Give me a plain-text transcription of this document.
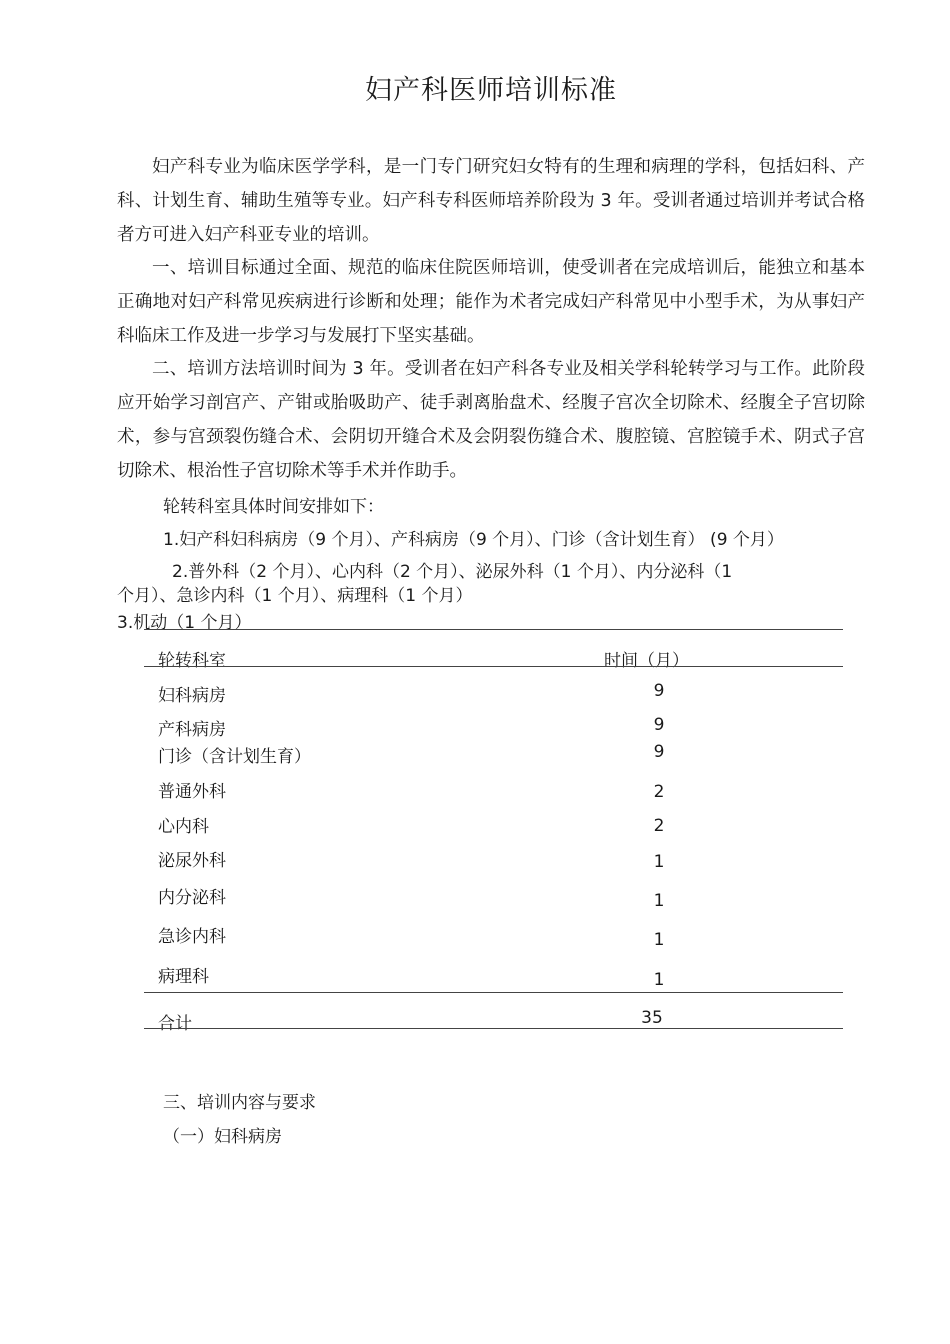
妇产科医师培训标准

妇产科专业为临床医学学科，是一门专门研究妇女特有的生理和病理的学科，包括妇科、产科、计划生育、辅助生殖等专业。妇产科专科医师培养阶段为 3 年。受训者通过培训并考试合格者方可进入妇产科亚专业的培训。

一、培训目标通过全面、规范的临床住院医师培训，使受训者在完成培训后，能独立和基本正确地对妇产科常见疾病进行诊断和处理；能作为术者完成妇产科常见中小型手术，为从事妇产科临床工作及进一步学习与发展打下坚实基础。

二、培训方法培训时间为 3 年。受训者在妇产科各专业及相关学科轮转学习与工作。此阶段应开始学习剖宫产、产钳或胎吸助产、徒手剥离胎盘术、经腹子宫次全切除术、经腹全子宫切除术，参与宫颈裂伤缝合术、会阴切开缝合术及会阴裂伤缝合术、腹腔镜、宫腔镜手术、阴式子宫切除术、根治性子宫切除术等手术并作助手。

轮转科室具体时间安排如下：
1.妇产科妇科病房（9 个月）、产科病房（9 个月）、门诊（含计划生育） (9 个月）
2.普外科（2 个月）、心内科（2 个月）、泌尿外科（1 个月）、内分泌科（1
个月）、急诊内科（1 个月）、病理科（1 个月）
3.机动（1 个月）
轮转科室	时间（月）
妇科病房	9
产科病房	9
门诊（含计划生育）	9
普通外科	2
心内科	2
泌尿外科	1
内分泌科	1
急诊内科	1
病理科	1
合计	35
三、培训内容与要求
（一）妇科病房
